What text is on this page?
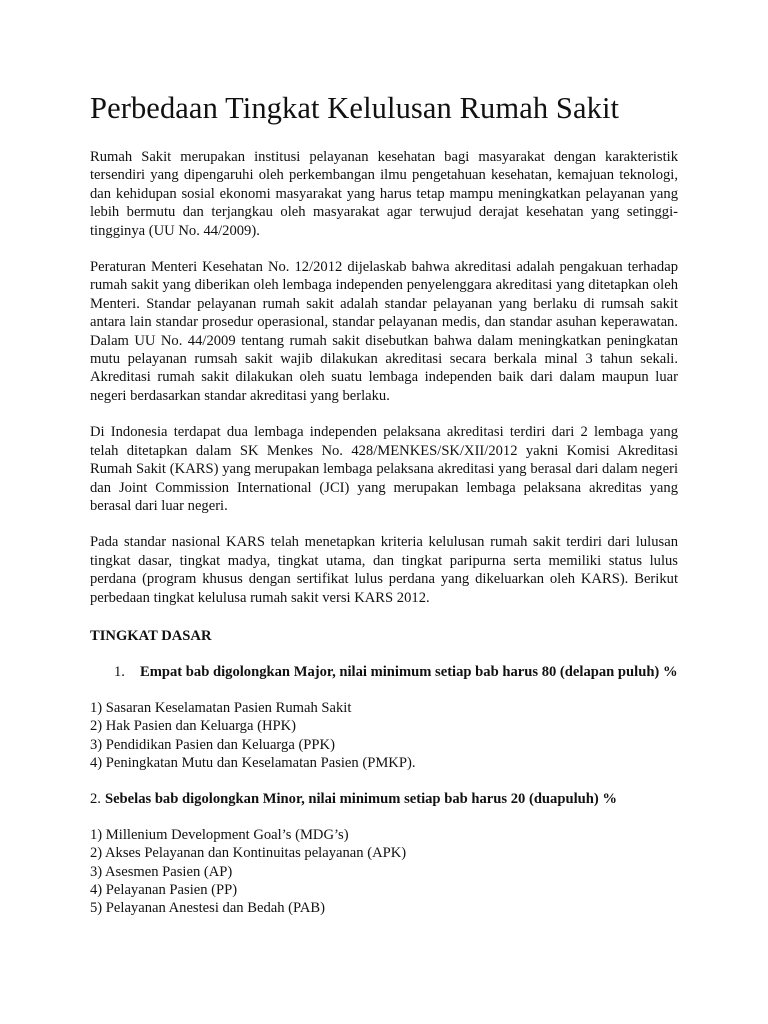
Perbedaan Tingkat Kelulusan Rumah Sakit

Rumah Sakit merupakan institusi pelayanan kesehatan bagi masyarakat dengan karakteristik tersendiri yang dipengaruhi oleh perkembangan ilmu pengetahuan kesehatan, kemajuan teknologi, dan kehidupan sosial ekonomi masyarakat yang harus tetap mampu meningkatkan pelayanan yang lebih bermutu dan terjangkau oleh masyarakat agar terwujud derajat kesehatan yang setinggi-tingginya (UU No. 44/2009).

Peraturan Menteri Kesehatan No. 12/2012 dijelaskab bahwa akreditasi adalah pengakuan terhadap rumah sakit yang diberikan oleh lembaga independen penyelenggara akreditasi yang ditetapkan oleh Menteri. Standar pelayanan rumah sakit adalah standar pelayanan yang berlaku di rumsah sakit antara lain standar prosedur operasional, standar pelayanan medis, dan standar asuhan keperawatan. Dalam UU No. 44/2009 tentang rumah sakit disebutkan bahwa dalam meningkatkan peningkatan mutu pelayanan rumsah sakit wajib dilakukan akreditasi secara berkala minal 3 tahun sekali. Akreditasi rumah sakit dilakukan oleh suatu lembaga independen baik dari dalam maupun luar negeri berdasarkan standar akreditasi yang berlaku.

Di Indonesia terdapat dua lembaga independen pelaksana akreditasi terdiri dari 2 lembaga yang telah ditetapkan dalam SK Menkes No. 428/MENKES/SK/XII/2012 yakni Komisi Akreditasi Rumah Sakit (KARS) yang merupakan lembaga pelaksana akreditasi yang berasal dari dalam negeri dan Joint Commission International (JCI) yang merupakan lembaga pelaksana akreditas yang berasal dari luar negeri.

Pada standar nasional KARS telah menetapkan kriteria kelulusan rumah sakit terdiri dari lulusan tingkat dasar, tingkat madya, tingkat utama, dan tingkat paripurna serta memiliki status lulus perdana (program khusus dengan sertifikat lulus perdana yang dikeluarkan oleh KARS). Berikut perbedaan tingkat kelulusa rumah sakit versi KARS 2012.

TINGKAT DASAR
1.	Empat bab digolongkan Major, nilai minimum setiap bab harus 80 (delapan puluh) %
1) Sasaran Keselamatan Pasien Rumah Sakit
2) Hak Pasien dan Keluarga (HPK)
3) Pendidikan Pasien dan Keluarga (PPK)
4) Peningkatan Mutu dan Keselamatan Pasien (PMKP).
2. Sebelas bab digolongkan Minor, nilai minimum setiap bab harus 20 (duapuluh) %
1) Millenium Development Goal’s (MDG’s)
2) Akses Pelayanan dan Kontinuitas pelayanan (APK)
3) Asesmen Pasien (AP)
4) Pelayanan Pasien (PP)
5) Pelayanan Anestesi dan Bedah (PAB)
